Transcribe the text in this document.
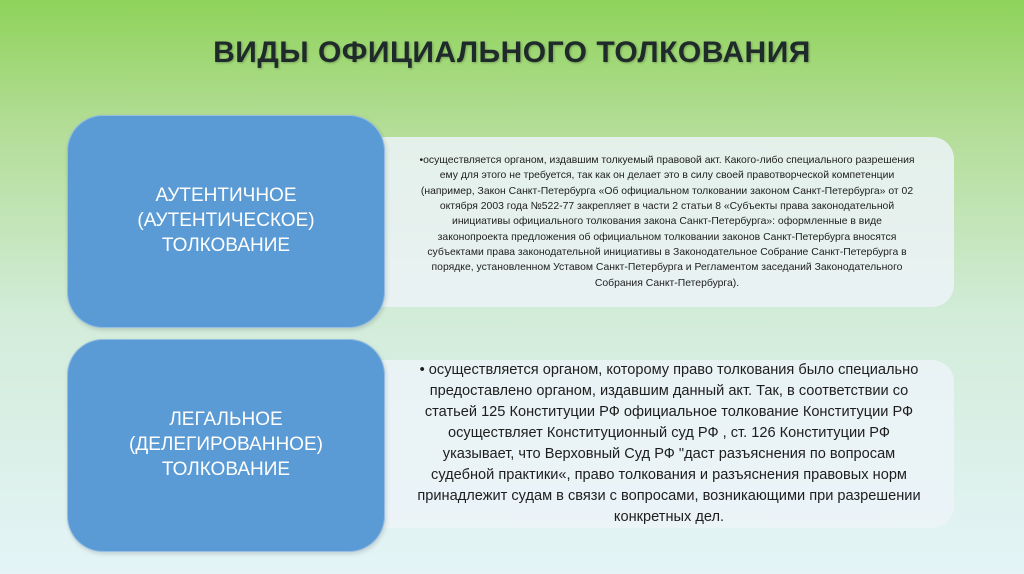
ВИДЫ ОФИЦИАЛЬНОГО ТОЛКОВАНИЯ
•осуществляется органом, издавшим толкуемый правовой акт. Какого-либо специального разрешения ему для этого не требуется, так как он делает это в силу своей правотворческой компетенции (например, Закон Санкт-Петербурга «Об официальном толковании законом Санкт-Петербурга» от 02 октября 2003 года №522-77 закрепляет в части 2 статьи 8 «Субъекты права законодательной инициативы официального толкования закона Санкт-Петербурга»: оформленные в виде законопроекта предложения об официальном толковании законов Санкт-Петербурга вносятся субъектами права законодательной инициативы в Законодательное Собрание Санкт-Петербурга в порядке, установленном Уставом Санкт-Петербурга и Регламентом заседаний Законодательного Собрания Санкт-Петербурга).
АУТЕНТИЧНОЕ
(АУТЕНТИЧЕСКОЕ)
ТОЛКОВАНИЕ
• осуществляется органом, которому право толкования было специально предоставлено органом, издавшим данный акт. Так, в соответствии со статьей 125 Конституции РФ официальное толкование Конституции РФ осуществляет Конституционный суд РФ , ст. 126 Конституции РФ указывает, что Верховный Суд РФ "даст разъяснения по вопросам судебной практики«, право толкования и разъяснения правовых норм принадлежит судам в связи с вопросами, возникающими при разрешении конкретных дел.
ЛЕГАЛЬНОЕ
(ДЕЛЕГИРОВАННОЕ)
ТОЛКОВАНИЕ
